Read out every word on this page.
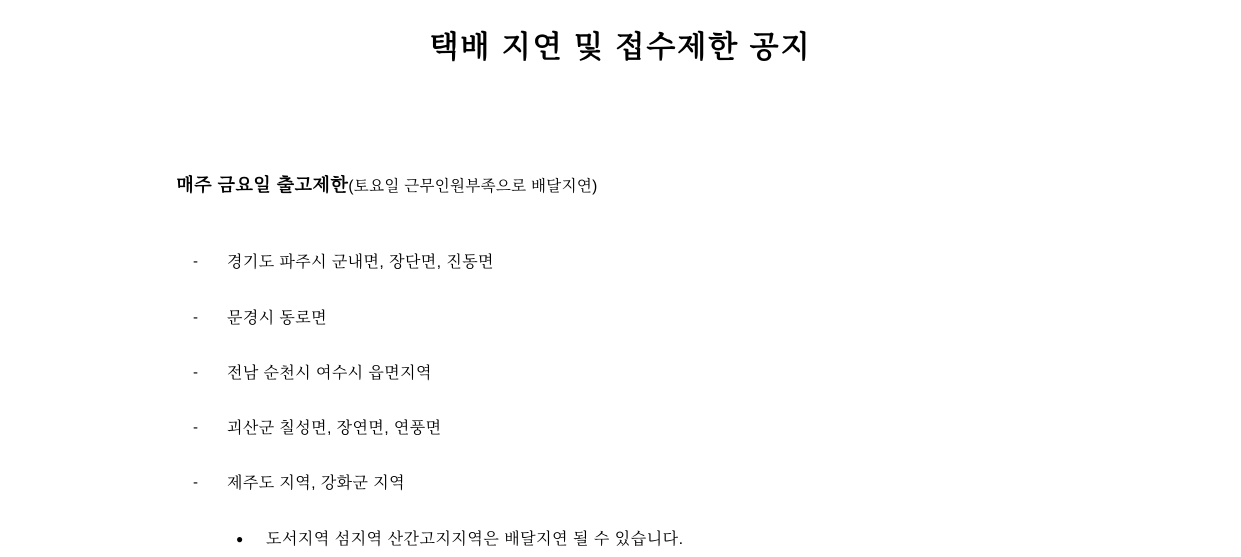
택배 지연 및 접수제한 공지

매주 금요일 출고제한(토요일 근무인원부족으로 배달지연)

-	경기도 파주시 군내면, 장단면, 진동면
-	문경시 동로면
-	전남 순천시 여수시 읍면지역
-	괴산군 칠성면, 장연면, 연풍면
-	제주도 지역, 강화군 지역
●	도서지역 섬지역 산간고지지역은 배달지연 될 수 있습니다.
